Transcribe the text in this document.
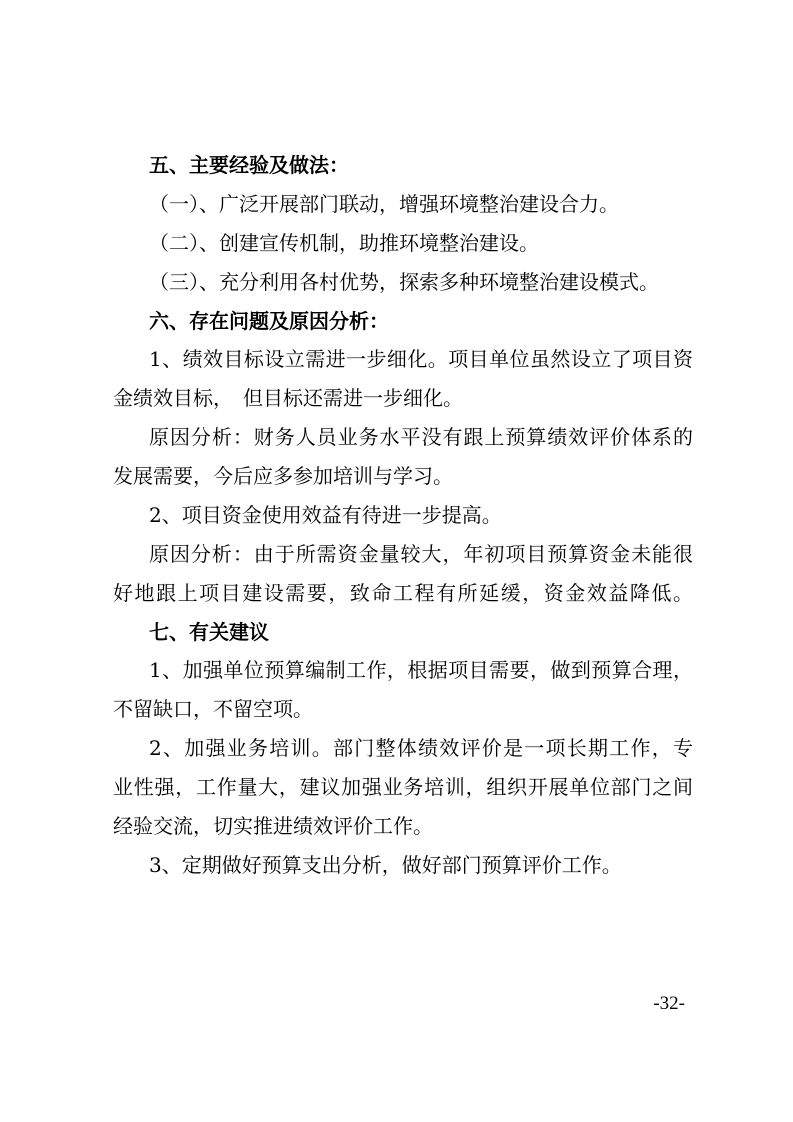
五、主要经验及做法：
（一）、广泛开展部门联动，增强环境整治建设合力。
（二）、创建宣传机制，助推环境整治建设。
（三）、充分利用各村优势，探索多种环境整治建设模式。
六、存在问题及原因分析：
1、绩效目标设立需进一步细化。项目单位虽然设立了项目资
金绩效目标，　但目标还需进一步细化。
原因分析：财务人员业务水平没有跟上预算绩效评价体系的
发展需要，今后应多参加培训与学习。
2、项目资金使用效益有待进一步提高。
原因分析：由于所需资金量较大，年初项目预算资金未能很
好地跟上项目建设需要，致命工程有所延缓，资金效益降低。
七、有关建议
1、加强单位预算编制工作，根据项目需要，做到预算合理，
不留缺口，不留空项。
2、加强业务培训。部门整体绩效评价是一项长期工作，专
业性强，工作量大，建议加强业务培训，组织开展单位部门之间
经验交流，切实推进绩效评价工作。
3、定期做好预算支出分析，做好部门预算评价工作。
-32-
